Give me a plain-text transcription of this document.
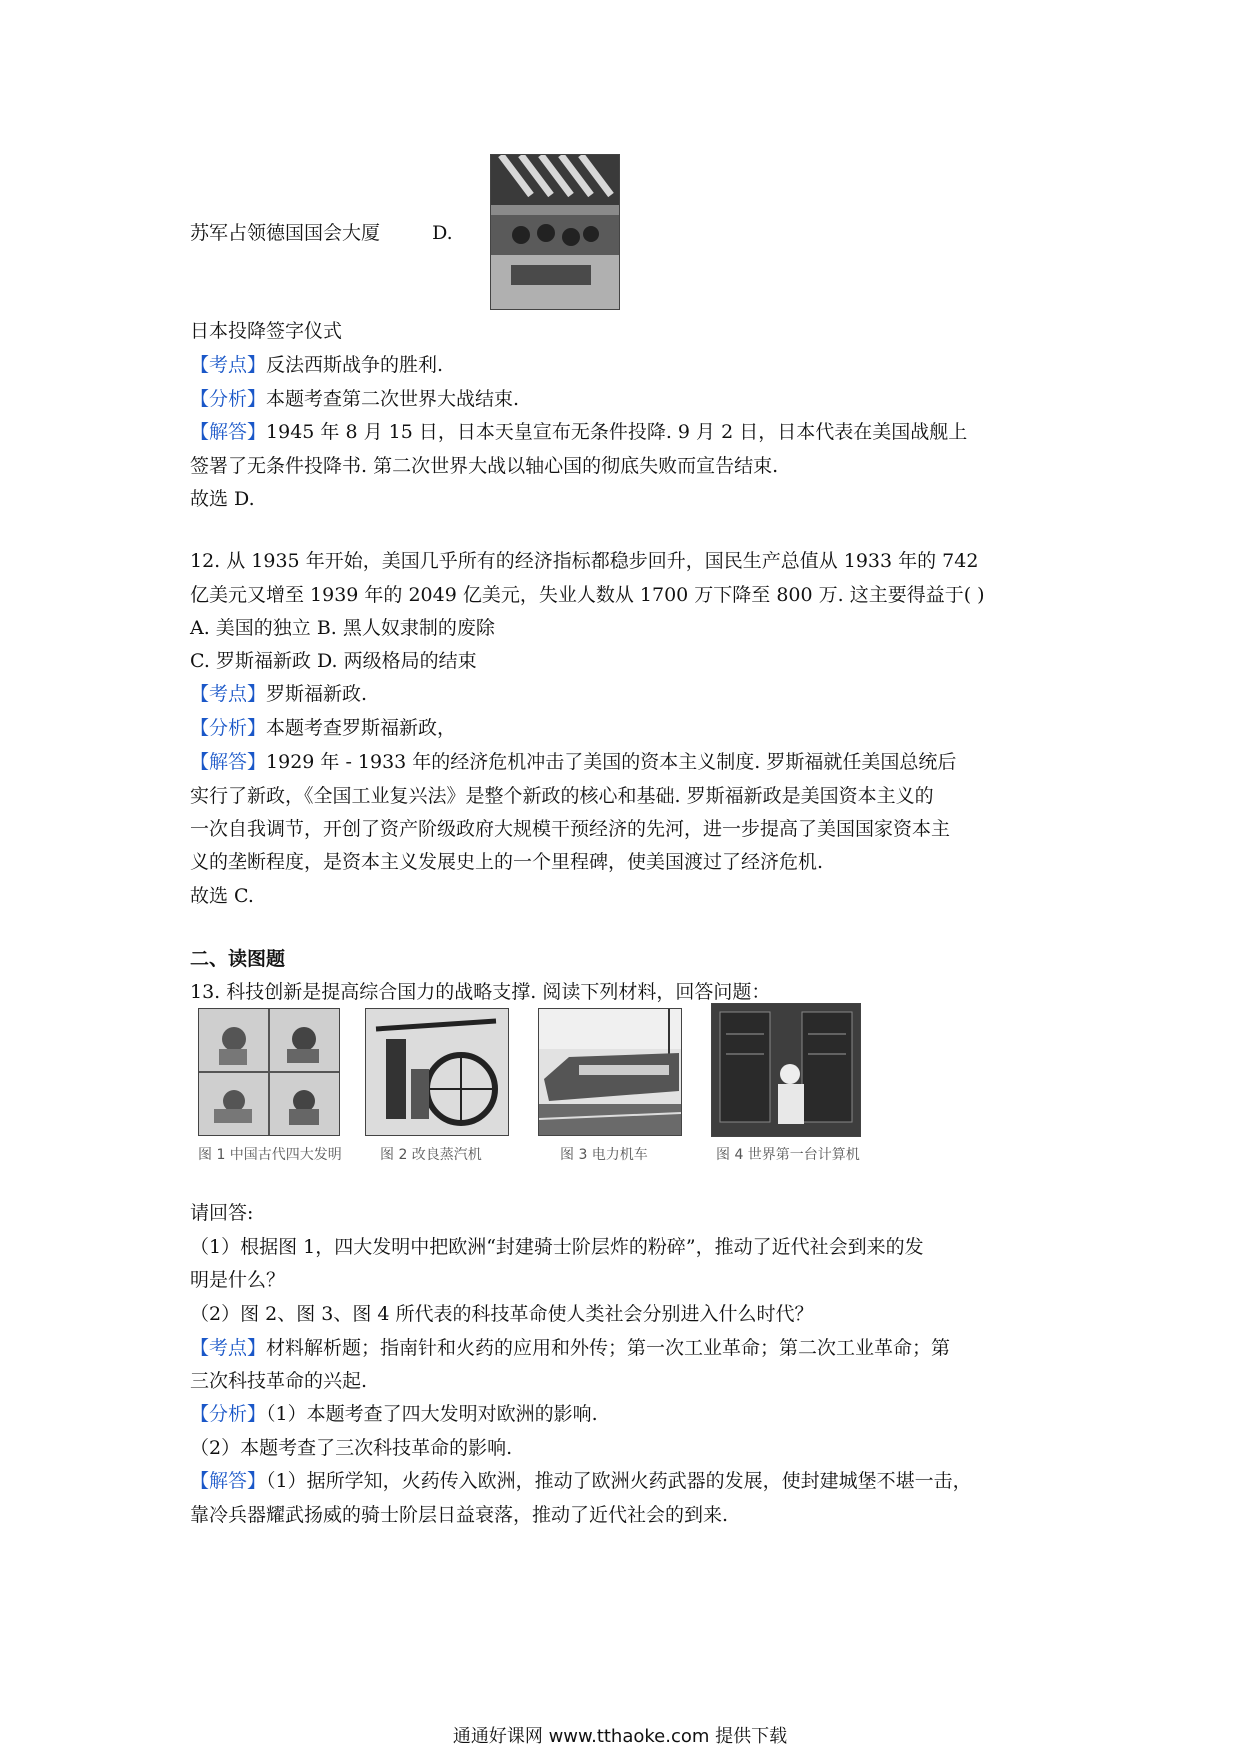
苏军占领德国国会大厦	D.
日本投降签字仪式
【考点】反法西斯战争的胜利.
【分析】本题考查第二次世界大战结束.
【解答】1945 年 8 月 15 日，日本天皇宣布无条件投降. 9 月 2 日，日本代表在美国战舰上
签署了无条件投降书. 第二次世界大战以轴心国的彻底失败而宣告结束.
故选 D.
12. 从 1935 年开始，美国几乎所有的经济指标都稳步回升，国民生产总值从 1933 年的 742
亿美元又增至 1939 年的 2049 亿美元，失业人数从 1700 万下降至 800 万. 这主要得益于( )
A. 美国的独立 B. 黑人奴隶制的废除
C. 罗斯福新政 D. 两级格局的结束
【考点】罗斯福新政.
【分析】本题考查罗斯福新政，
【解答】1929 年 - 1933 年的经济危机冲击了美国的资本主义制度. 罗斯福就任美国总统后
实行了新政，《全国工业复兴法》是整个新政的核心和基础. 罗斯福新政是美国资本主义的
一次自我调节，开创了资产阶级政府大规模干预经济的先河，进一步提高了美国国家资本主
义的垄断程度，是资本主义发展史上的一个里程碑，使美国渡过了经济危机.
故选 C.
二、读图题
13. 科技创新是提高综合国力的战略支撑. 阅读下列材料，回答问题：
图 1 中国古代四大发明	图 2 改良蒸汽机	图 3 电力机车	图 4 世界第一台计算机
请回答:
（1）根据图 1，四大发明中把欧洲“封建骑士阶层炸的粉碎”，推动了近代社会到来的发
明是什么？
（2）图 2、图 3、图 4 所代表的科技革命使人类社会分别进入什么时代？
【考点】材料解析题；指南针和火药的应用和外传；第一次工业革命；第二次工业革命；第
三次科技革命的兴起.
【分析】（1）本题考查了四大发明对欧洲的影响.
（2）本题考查了三次科技革命的影响.
【解答】（1）据所学知，火药传入欧洲，推动了欧洲火药武器的发展，使封建城堡不堪一击，
靠冷兵器耀武扬威的骑士阶层日益衰落，推动了近代社会的到来.
通通好课网 www.tthaoke.com 提供下载
